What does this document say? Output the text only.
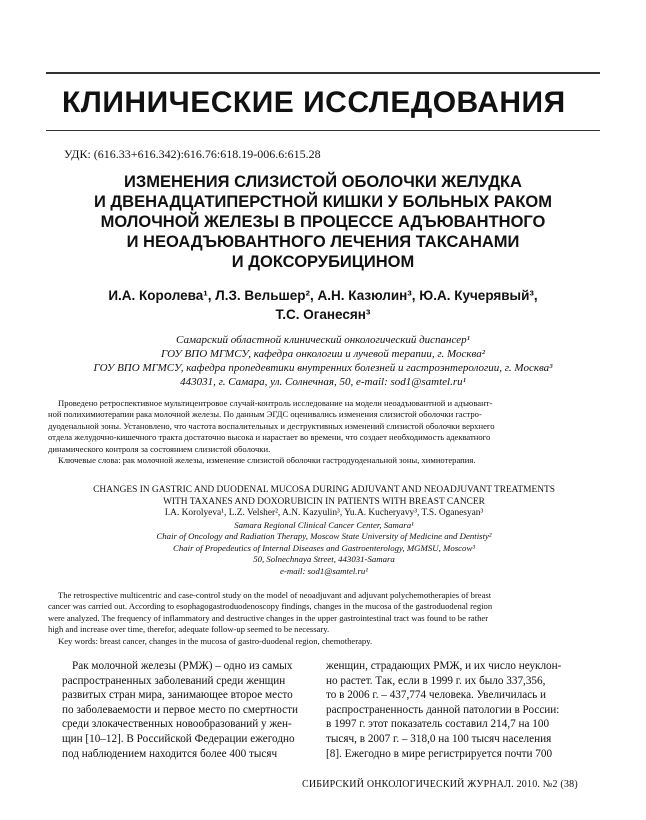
КЛИНИЧЕСКИЕ ИССЛЕДОВАНИЯ
УДК: (616.33+616.342):616.76:618.19-006.6:615.28
ИЗМЕНЕНИЯ СЛИЗИСТОЙ ОБОЛОЧКИ ЖЕЛУДКА
И ДВЕНАДЦАТИПЕРСТНОЙ КИШКИ У БОЛЬНЫХ РАКОМ
МОЛОЧНОЙ ЖЕЛЕЗЫ В ПРОЦЕССЕ АДЪЮВАНТНОГО
И НЕОАДЪЮВАНТНОГО ЛЕЧЕНИЯ ТАКСАНАМИ
И ДОКСОРУБИЦИНОМ
И.А. Королева¹, Л.З. Вельшер², А.Н. Казюлин³, Ю.А. Кучерявый³,
Т.С. Оганесян³
Самарский областной клинический онкологический диспансер¹
ГОУ ВПО МГМСУ, кафедра онкологии и лучевой терапии, г. Москва²
ГОУ ВПО МГМСУ, кафедра пропедевтики внутренних болезней и гастроэнтерологии, г. Москва³
443031, г. Самара, ул. Солнечная, 50, e-mail: sod1@samtel.ru¹
Проведено ретроспективное мультицентровое случай-контроль исследование на модели неоадъювантной и адъювант-
ной полихимиотерапии рака молочной железы. По данным ЭГДС оценивались изменения слизистой оболочки гастро-
дуоденальной зоны. Установлено, что частота воспалительных и деструктивных изменений слизистой оболочки верхнего
отдела желудочно-кишечного тракта достаточно высока и нарастает во времени, что создает необходимость адекватного
динамического контроля за состоянием слизистой оболочки.
Ключевые слова: рак молочной железы, изменение слизистой оболочки гастродуоденальной зоны, химиотерапия.
CHANGES IN GASTRIC AND DUODENAL MUCOSA DURING ADJUVANT AND NEOADJUVANT TREATMENTS
WITH TAXANES AND DOXORUBICIN IN PATIENTS WITH BREAST CANCER
I.A. Korolyeva¹, L.Z. Velsher², A.N. Kazyulin³, Yu.A. Kucheryavy³, T.S. Oganesyan³
Samara Regional Clinical Cancer Center, Samara¹
Chair of Oncology and Radiation Therapy, Moscow State University of Medicine and Dentisty²
Chair of Propedeutics of Internal Diseases and Gastroenterology, MGMSU, Moscow³
50, Solnechnaya Street, 443031-Samara
e-mail: sod1@samtel.ru¹
The retrospective multicentric and case-control study on the model of neoadjuvant and adjuvant polychemotherapies of breast
cancer was carried out. According to esophagogastroduodenoscopy findings, changes in the mucosa of the gastroduodenal region
were analyzed. The frequency of inflammatory and destructive changes in the upper gastrointestinal tract was found to be rather
high and increase over time, therefor, adequate follow-up seemed to be necessary.
Key words: breast cancer, changes in the mucosa of gastro-duodenal region, chemotherapy.
Рак молочной железы (РМЖ) – одно из самых
распространенных заболеваний среди женщин
развитых стран мира, занимающее второе место
по заболеваемости и первое место по смертности
среди злокачественных новообразований у жен-
щин [10–12]. В Российской Федерации ежегодно
под наблюдением находится более 400 тысяч
женщин, страдающих РМЖ, и их число неуклон-
но растет. Так, если в 1999 г. их было 337,356,
то в 2006 г. – 437,774 человека. Увеличилась и
распространенность данной патологии в России:
в 1997 г. этот показатель составил 214,7 на 100
тысяч, в 2007 г. – 318,0 на 100 тысяч населения
[8]. Ежегодно в мире регистрируется почти 700
СИБИРСКИЙ ОНКОЛОГИЧЕСКИЙ ЖУРНАЛ. 2010. №2 (38)
